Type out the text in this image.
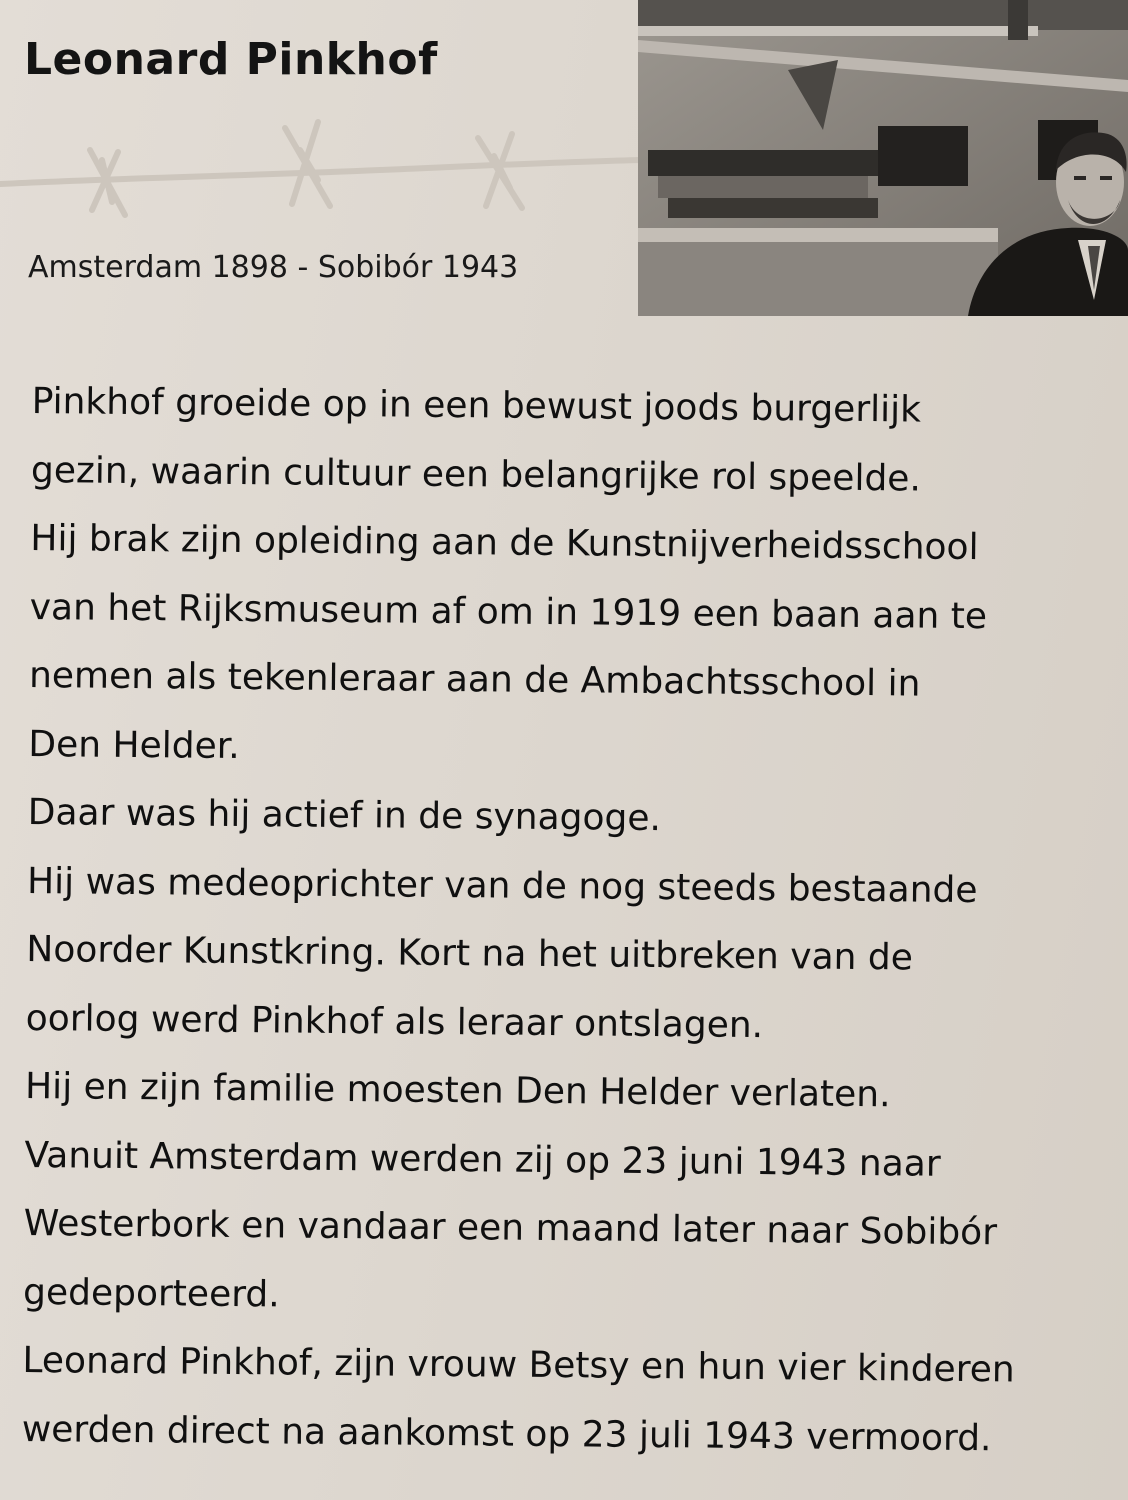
Leonard Pinkhof
Amsterdam 1898 - Sobibór 1943
Pinkhof groeide op in een bewust joods burgerlijk
gezin, waarin cultuur een belangrijke rol speelde.
Hij brak zijn opleiding aan de Kunstnijverheidsschool
van het Rijksmuseum af om in 1919 een baan aan te
nemen als tekenleraar aan de Ambachtsschool in
Den Helder.
Daar was hij actief in de synagoge.
Hij was medeoprichter van de nog steeds bestaande
Noorder Kunstkring. Kort na het uitbreken van de
oorlog werd Pinkhof als leraar ontslagen.
Hij en zijn familie moesten Den Helder verlaten.
Vanuit Amsterdam werden zij op 23 juni 1943 naar
Westerbork en vandaar een maand later naar Sobibór
gedeporteerd.
Leonard Pinkhof, zijn vrouw Betsy en hun vier kinderen
werden direct na aankomst op 23 juli 1943 vermoord.
